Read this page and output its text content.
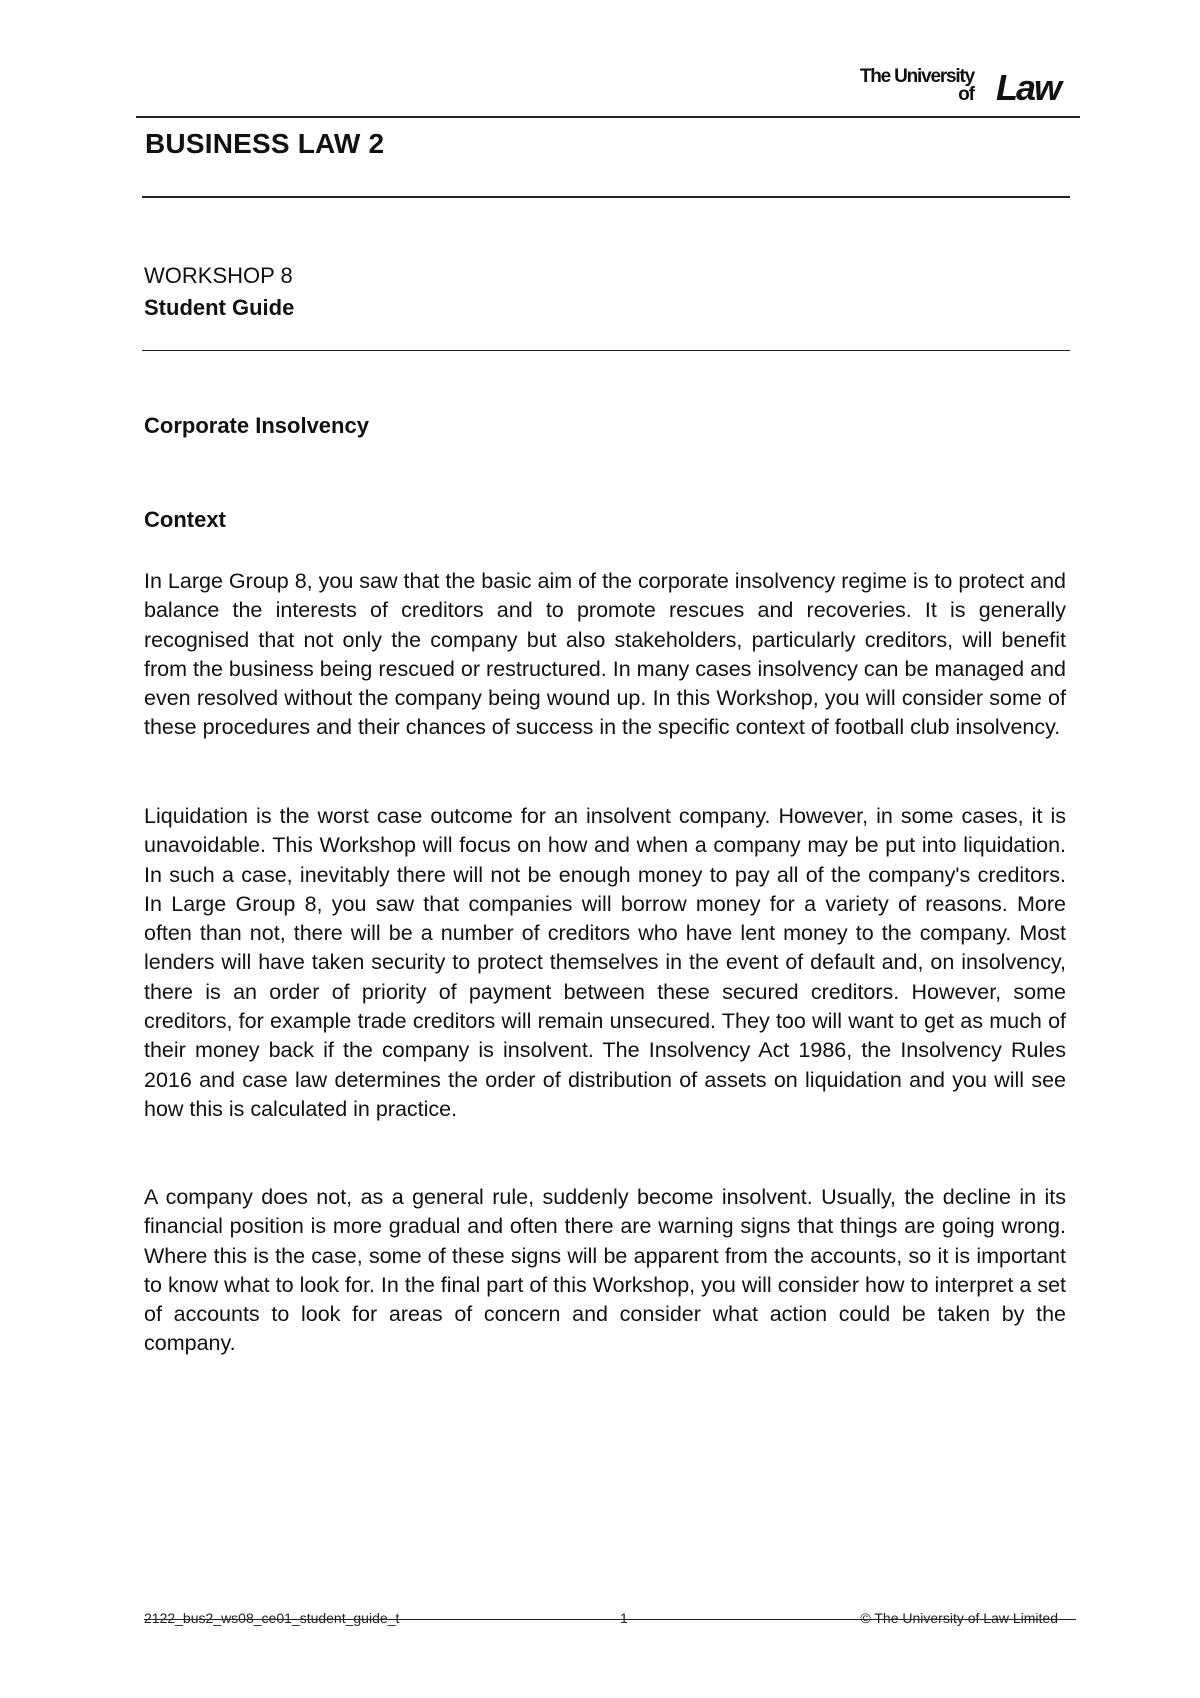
The University
of Law
BUSINESS LAW 2
WORKSHOP 8
Student Guide
Corporate Insolvency
Context
In Large Group 8, you saw that the basic aim of the corporate insolvency regime is to protect and balance the interests of creditors and to promote rescues and recoveries. It is generally recognised that not only the company but also stakeholders, particularly creditors, will benefit from the business being rescued or restructured. In many cases insolvency can be managed and even resolved without the company being wound up. In this Workshop, you will consider some of these procedures and their chances of success in the specific context of football club insolvency.
Liquidation is the worst case outcome for an insolvent company. However, in some cases, it is unavoidable. This Workshop will focus on how and when a company may be put into liquidation. In such a case, inevitably there will not be enough money to pay all of the company's creditors. In Large Group 8, you saw that companies will borrow money for a variety of reasons. More often than not, there will be a number of creditors who have lent money to the company. Most lenders will have taken security to protect themselves in the event of default and, on insolvency, there is an order of priority of payment between these secured creditors. However, some creditors, for example trade creditors will remain unsecured. They too will want to get as much of their money back if the company is insolvent. The Insolvency Act 1986, the Insolvency Rules 2016 and case law determines the order of distribution of assets on liquidation and you will see how this is calculated in practice.
A company does not, as a general rule, suddenly become insolvent. Usually, the decline in its financial position is more gradual and often there are warning signs that things are going wrong. Where this is the case, some of these signs will be apparent from the accounts, so it is important to know what to look for. In the final part of this Workshop, you will consider how to interpret a set of accounts to look for areas of concern and consider what action could be taken by the company.
2122_bus2_ws08_ce01_student_guide_t	1	© The University of Law Limited
